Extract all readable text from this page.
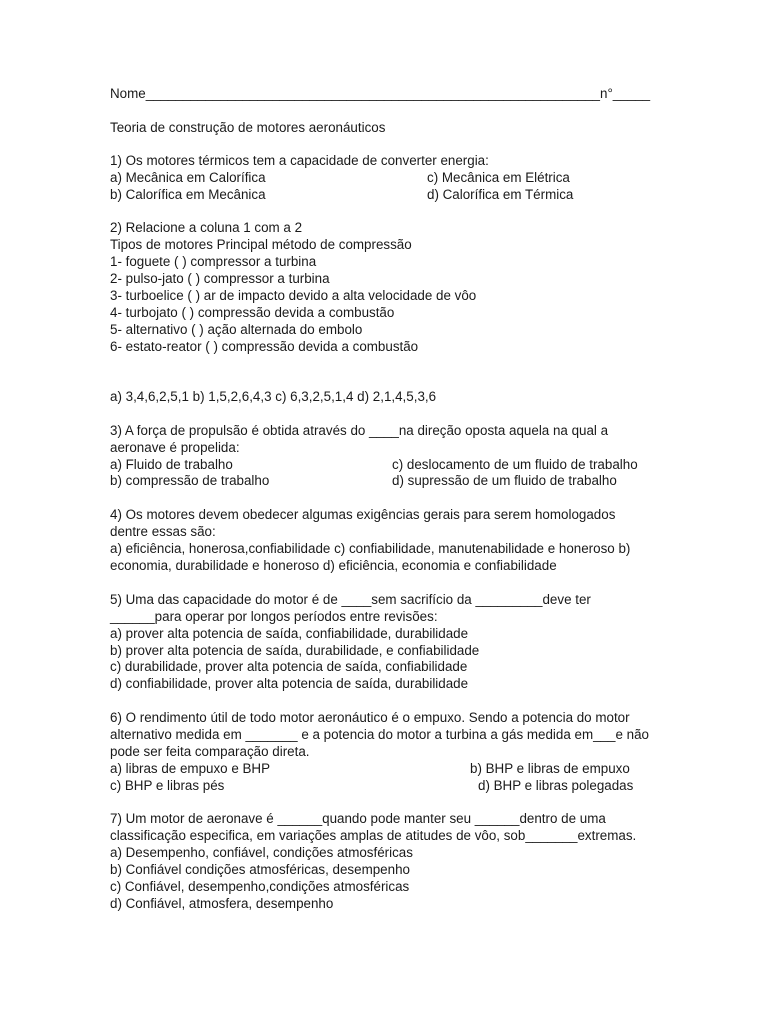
Nome_____________________________________________________________n°_____
Teoria de construção de motores aeronáuticos
1) Os motores térmicos tem a capacidade de converter energia:
a) Mecânica em Calorífica	c) Mecânica em Elétrica
b) Calorífica em Mecânica	d) Calorífica em Térmica
2) Relacione a coluna 1 com a 2
Tipos de motores Principal método de compressão
1- foguete ( ) compressor a turbina
2- pulso-jato ( ) compressor a turbina
3- turboelice ( ) ar de impacto devido a alta velocidade de vôo
4- turbojato ( ) compressão devida a combustão
5- alternativo ( ) ação alternada do embolo
6- estato-reator ( ) compressão devida a combustão
a) 3,4,6,2,5,1 b) 1,5,2,6,4,3 c) 6,3,2,5,1,4 d) 2,1,4,5,3,6
3) A força de propulsão é obtida através do ____na direção oposta aquela na qual a
aeronave é propelida:
a) Fluido de trabalho	c) deslocamento de um fluido de trabalho
b) compressão de trabalho	d) supressão de um fluido de trabalho
4) Os motores devem obedecer algumas exigências gerais para serem homologados
dentre essas são:
a) eficiência, honerosa,confiabilidade c) confiabilidade, manutenabilidade e honeroso b)
economia, durabilidade e honeroso d) eficiência, economia e confiabilidade
5) Uma das capacidade do motor é de ____sem sacrifício da _________deve ter
______para operar por longos períodos entre revisões:
a) prover alta potencia de saída, confiabilidade, durabilidade
b) prover alta potencia de saída, durabilidade, e confiabilidade
c) durabilidade, prover alta potencia de saída, confiabilidade
d) confiabilidade, prover alta potencia de saída, durabilidade
6) O rendimento útil de todo motor aeronáutico é o empuxo. Sendo a potencia do motor
alternativo medida em _______ e a potencia do motor a turbina a gás medida em___e não
pode ser feita comparação direta.
a) libras de empuxo e BHP	b) BHP e libras de empuxo
c) BHP e libras pés	d) BHP e libras polegadas
7) Um motor de aeronave é ______quando pode manter seu ______dentro de uma
classificação especifica, em variações amplas de atitudes de vôo, sob_______extremas.
a) Desempenho, confiável, condições atmosféricas
b) Confiável condições atmosféricas, desempenho
c) Confiável, desempenho,condições atmosféricas
d) Confiável, atmosfera, desempenho
